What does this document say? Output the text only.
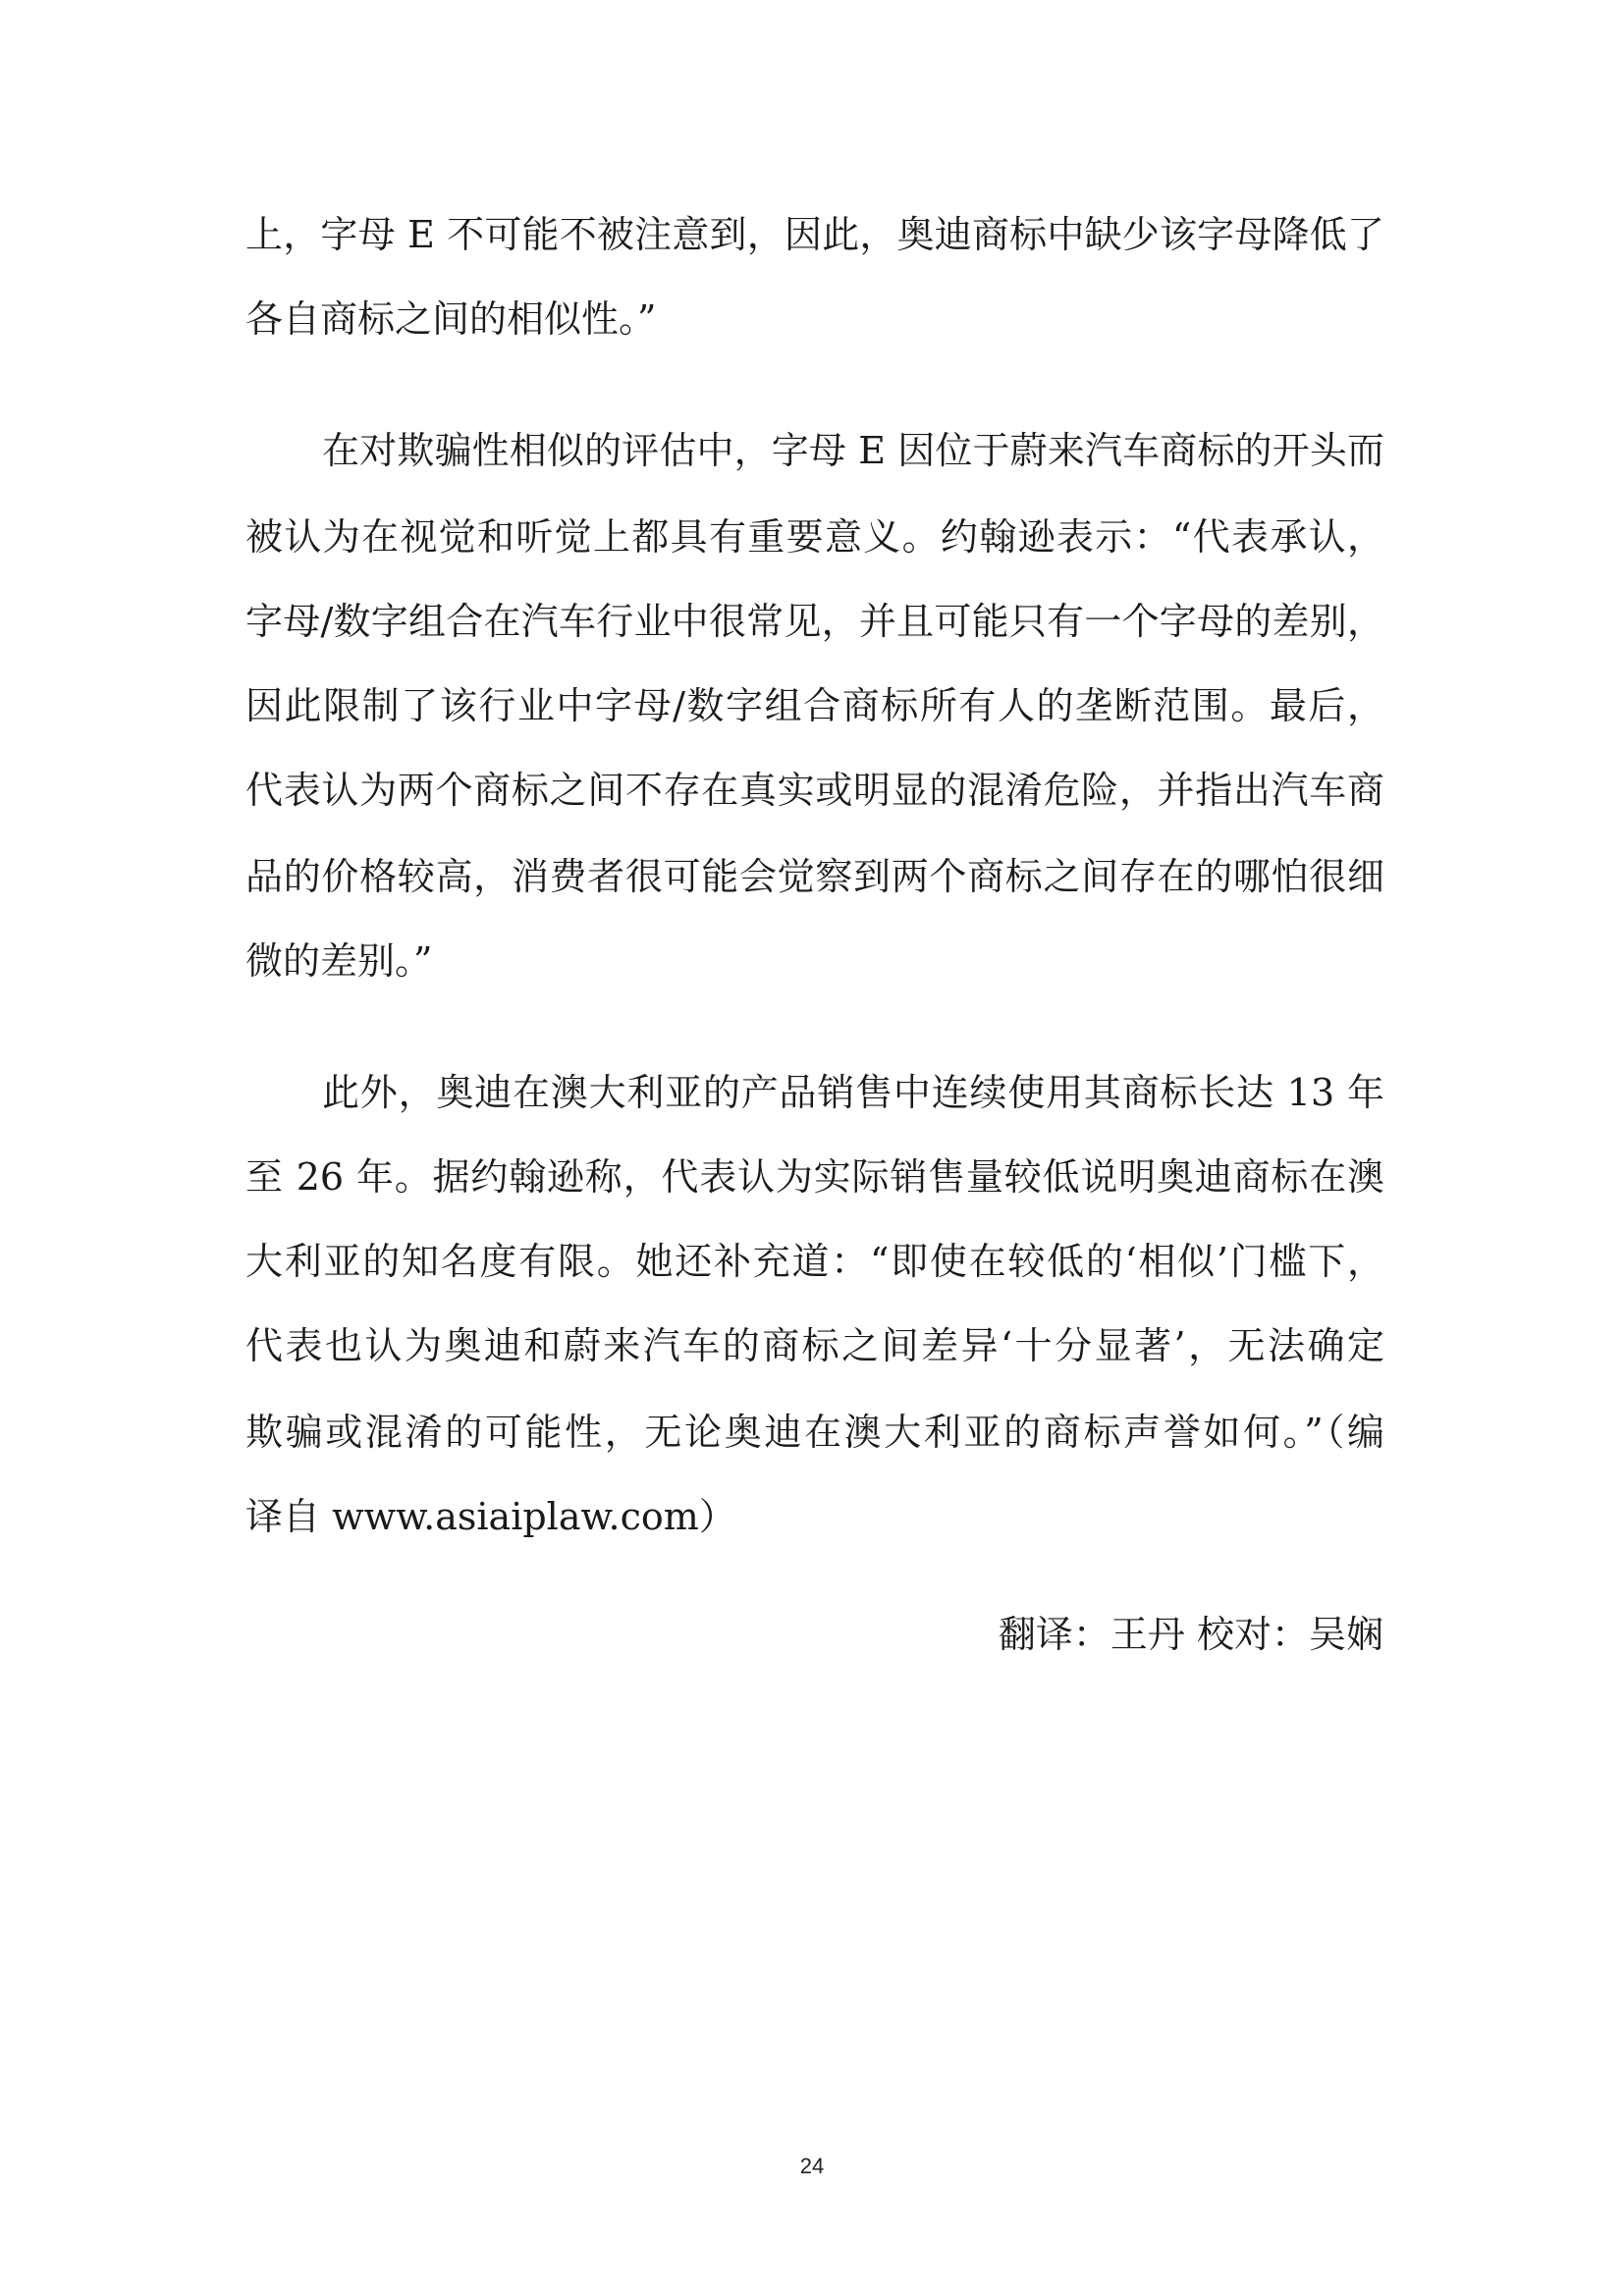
上，字母 E 不可能不被注意到，因此，奥迪商标中缺少该字母降低了
各自商标之间的相似性。”
在对欺骗性相似的评估中，字母 E 因位于蔚来汽车商标的开头而
被认为在视觉和听觉上都具有重要意义。约翰逊表示：“代表承认，
字母/数字组合在汽车行业中很常见，并且可能只有一个字母的差别，
因此限制了该行业中字母/数字组合商标所有人的垄断范围。最后，
代表认为两个商标之间不存在真实或明显的混淆危险，并指出汽车商
品的价格较高，消费者很可能会觉察到两个商标之间存在的哪怕很细
微的差别。”
此外，奥迪在澳大利亚的产品销售中连续使用其商标长达 13 年
至 26 年。据约翰逊称，代表认为实际销售量较低说明奥迪商标在澳
大利亚的知名度有限。她还补充道：“即使在较低的‘相似’门槛下，
代表也认为奥迪和蔚来汽车的商标之间差异‘十分显著’，无法确定
欺骗或混淆的可能性，无论奥迪在澳大利亚的商标声誉如何。”（编
译自 www.asiaiplaw.com）
翻译：王丹 校对：吴娴
24
